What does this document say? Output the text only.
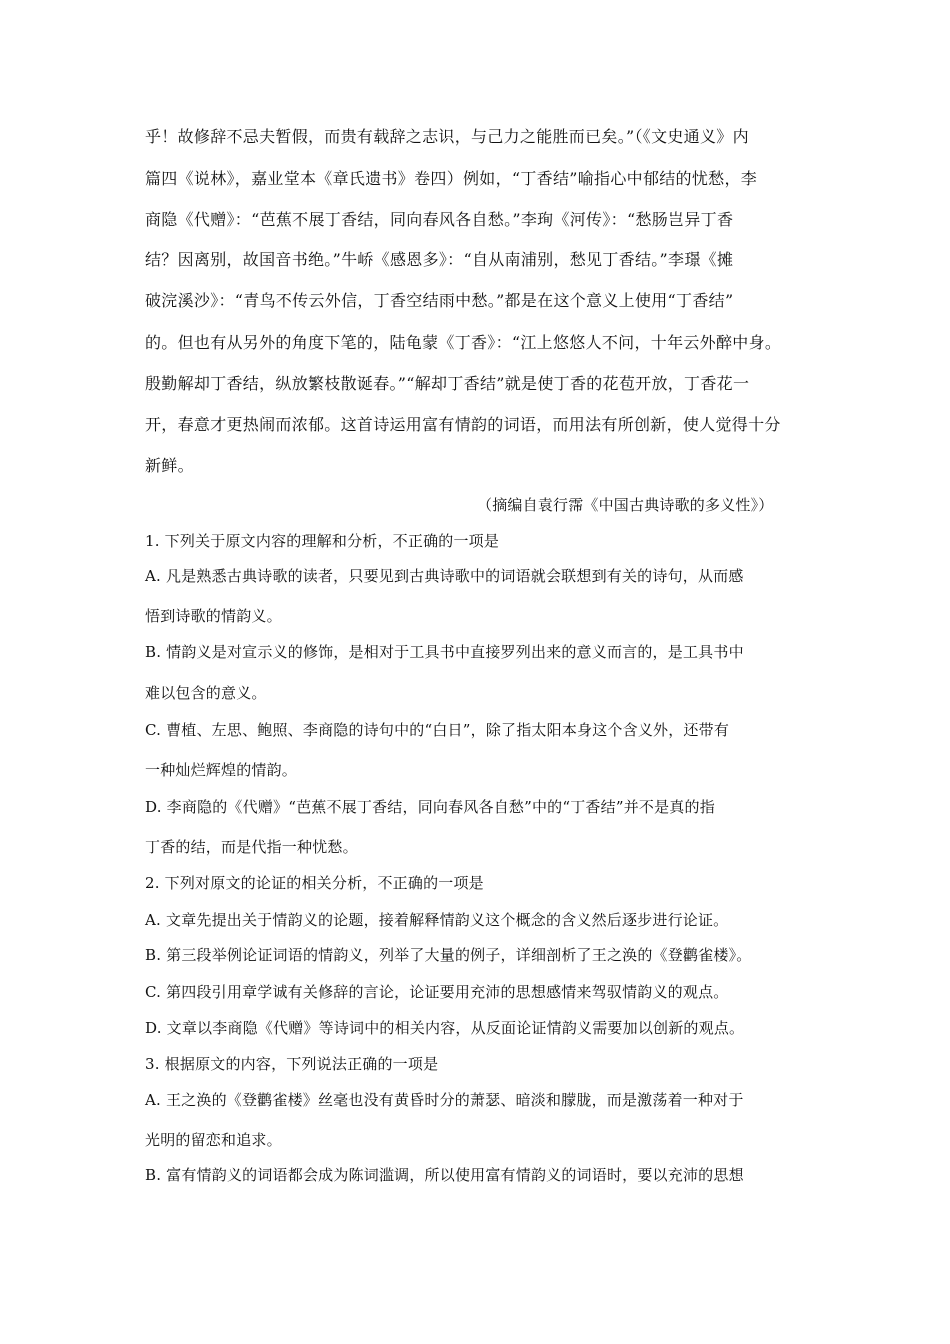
乎！故修辞不忌夫暂假，而贵有载辞之志识，与己力之能胜而已矣。”（《文史通义》内
篇四《说林》，嘉业堂本《章氏遗书》卷四）例如，“丁香结”喻指心中郁结的忧愁，李
商隐《代赠》：“芭蕉不展丁香结，同向春风各自愁。”李珣《河传》：“愁肠岂异丁香
结？因离别，故国音书绝。”牛峤《感恩多》：“自从南浦别，愁见丁香结。”李璟《摊
破浣溪沙》：“青鸟不传云外信，丁香空结雨中愁。”都是在这个意义上使用“丁香结”
的。但也有从另外的角度下笔的，陆龟蒙《丁香》：“江上悠悠人不问，十年云外醉中身。
殷勤解却丁香结，纵放繁枝散诞春。”“解却丁香结”就是使丁香的花苞开放，丁香花一
开，春意才更热闹而浓郁。这首诗运用富有情韵的词语，而用法有所创新，使人觉得十分
新鲜。
（摘编自袁行霈《中国古典诗歌的多义性》）
1. 下列关于原文内容的理解和分析，不正确的一项是
A. 凡是熟悉古典诗歌的读者，只要见到古典诗歌中的词语就会联想到有关的诗句，从而感
悟到诗歌的情韵义。
B. 情韵义是对宣示义的修饰，是相对于工具书中直接罗列出来的意义而言的，是工具书中
难以包含的意义。
C. 曹植、左思、鲍照、李商隐的诗句中的“白日”，除了指太阳本身这个含义外，还带有
一种灿烂辉煌的情韵。
D. 李商隐的《代赠》“芭蕉不展丁香结，同向春风各自愁”中的“丁香结”并不是真的指
丁香的结，而是代指一种忧愁。
2. 下列对原文的论证的相关分析，不正确的一项是
A. 文章先提出关于情韵义的论题，接着解释情韵义这个概念的含义然后逐步进行论证。
B. 第三段举例论证词语的情韵义，列举了大量的例子，详细剖析了王之涣的《登鹳雀楼》。
C. 第四段引用章学诚有关修辞的言论，论证要用充沛的思想感情来驾驭情韵义的观点。
D. 文章以李商隐《代赠》等诗词中的相关内容，从反面论证情韵义需要加以创新的观点。
3. 根据原文的内容，下列说法正确的一项是
A. 王之涣的《登鹳雀楼》丝毫也没有黄昏时分的萧瑟、暗淡和朦胧，而是激荡着一种对于
光明的留恋和追求。
B. 富有情韵义的词语都会成为陈词滥调，所以使用富有情韵义的词语时，要以充沛的思想
